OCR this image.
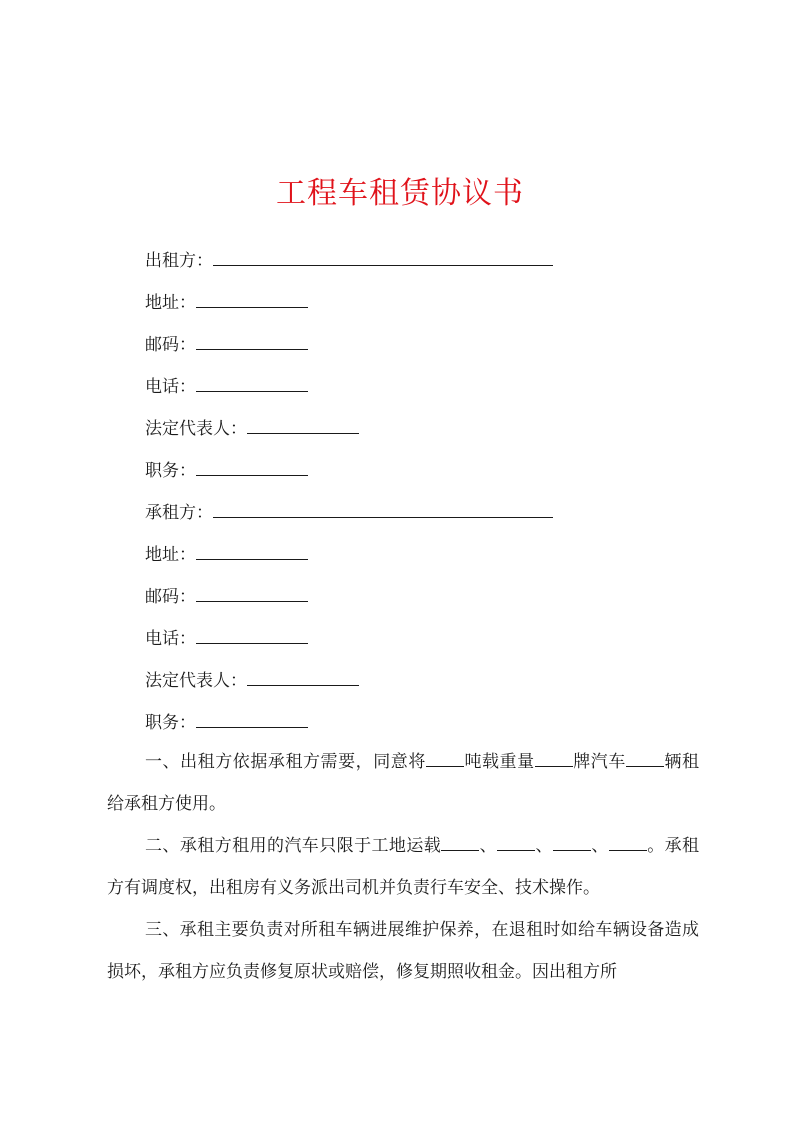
工程车租赁协议书
出租方：
地址：
邮码：
电话：
法定代表人：
职务：
承租方：
地址：
邮码：
电话：
法定代表人：
职务：
一、出租方依据承租方需要，同意将 吨载重量 牌汽车 辆租给承租方使用。
二、承租方租用的汽车只限于工地运载 、 、 、 。承租方有调度权，出租房有义务派出司机并负责行车安全、技术操作。
三、承租主要负责对所租车辆进展维护保养，在退租时如给车辆设备造成损坏，承租方应负责修复原状或赔偿，修复期照收租金。因出租方所
